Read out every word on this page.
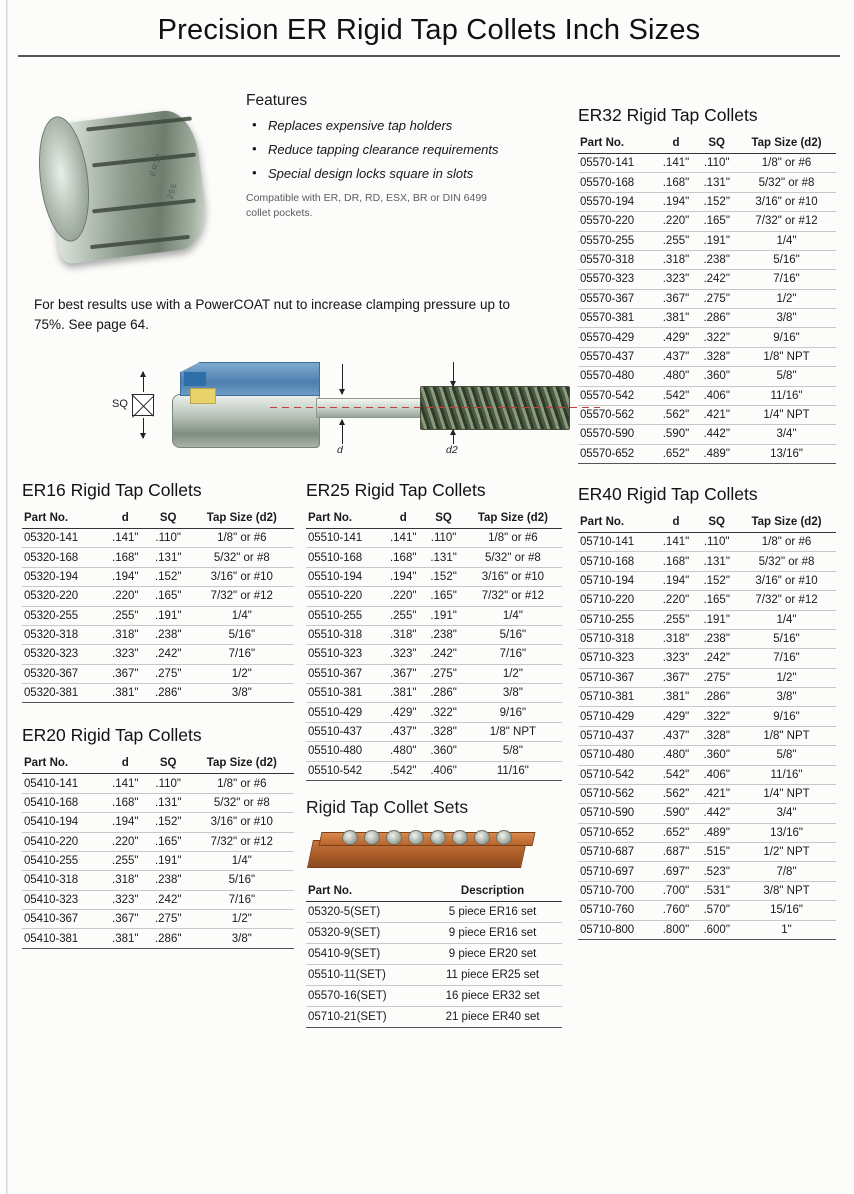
Precision ER Rigid Tap Collets Inch Sizes
ER32
.255
Features
• Replaces expensive tap holders
• Reduce tapping clearance requirements
• Special design locks square in slots
Compatible with ER, DR, RD, ESX, BR or DIN 6499 collet pockets.
For best results use with a PowerCOAT nut to increase clamping pressure up to 75%. See page 64.
SQ
d	d2
ER16 Rigid Tap Collets
Part No.	d	SQ	Tap Size (d2)
05320-141	.141"	.110"	1/8" or #6
05320-168	.168"	.131"	5/32" or #8
05320-194	.194"	.152"	3/16" or #10
05320-220	.220"	.165"	7/32" or #12
05320-255	.255"	.191"	1/4"
05320-318	.318"	.238"	5/16"
05320-323	.323"	.242"	7/16"
05320-367	.367"	.275"	1/2"
05320-381	.381"	.286"	3/8"
ER20 Rigid Tap Collets
Part No.	d	SQ	Tap Size (d2)
05410-141	.141"	.110"	1/8" or #6
05410-168	.168"	.131"	5/32" or #8
05410-194	.194"	.152"	3/16" or #10
05410-220	.220"	.165"	7/32" or #12
05410-255	.255"	.191"	1/4"
05410-318	.318"	.238"	5/16"
05410-323	.323"	.242"	7/16"
05410-367	.367"	.275"	1/2"
05410-381	.381"	.286"	3/8"
ER25 Rigid Tap Collets
Part No.	d	SQ	Tap Size (d2)
05510-141	.141"	.110"	1/8" or #6
05510-168	.168"	.131"	5/32" or #8
05510-194	.194"	.152"	3/16" or #10
05510-220	.220"	.165"	7/32" or #12
05510-255	.255"	.191"	1/4"
05510-318	.318"	.238"	5/16"
05510-323	.323"	.242"	7/16"
05510-367	.367"	.275"	1/2"
05510-381	.381"	.286"	3/8"
05510-429	.429"	.322"	9/16"
05510-437	.437"	.328"	1/8" NPT
05510-480	.480"	.360"	5/8"
05510-542	.542"	.406"	11/16"
Rigid Tap Collet Sets
Part No.	Description
05320-5(SET)	5 piece ER16 set
05320-9(SET)	9 piece ER16 set
05410-9(SET)	9 piece ER20 set
05510-11(SET)	11 piece ER25 set
05570-16(SET)	16 piece ER32 set
05710-21(SET)	21 piece ER40 set
ER32 Rigid Tap Collets
Part No.	d	SQ	Tap Size (d2)
05570-141	.141"	.110"	1/8" or #6
05570-168	.168"	.131"	5/32" or #8
05570-194	.194"	.152"	3/16" or #10
05570-220	.220"	.165"	7/32" or #12
05570-255	.255"	.191"	1/4"
05570-318	.318"	.238"	5/16"
05570-323	.323"	.242"	7/16"
05570-367	.367"	.275"	1/2"
05570-381	.381"	.286"	3/8"
05570-429	.429"	.322"	9/16"
05570-437	.437"	.328"	1/8" NPT
05570-480	.480"	.360"	5/8"
05570-542	.542"	.406"	11/16"
05570-562	.562"	.421"	1/4" NPT
05570-590	.590"	.442"	3/4"
05570-652	.652"	.489"	13/16"
ER40 Rigid Tap Collets
Part No.	d	SQ	Tap Size (d2)
05710-141	.141"	.110"	1/8" or #6
05710-168	.168"	.131"	5/32" or #8
05710-194	.194"	.152"	3/16" or #10
05710-220	.220"	.165"	7/32" or #12
05710-255	.255"	.191"	1/4"
05710-318	.318"	.238"	5/16"
05710-323	.323"	.242"	7/16"
05710-367	.367"	.275"	1/2"
05710-381	.381"	.286"	3/8"
05710-429	.429"	.322"	9/16"
05710-437	.437"	.328"	1/8" NPT
05710-480	.480"	.360"	5/8"
05710-542	.542"	.406"	11/16"
05710-562	.562"	.421"	1/4" NPT
05710-590	.590"	.442"	3/4"
05710-652	.652"	.489"	13/16"
05710-687	.687"	.515"	1/2" NPT
05710-697	.697"	.523"	7/8"
05710-700	.700"	.531"	3/8" NPT
05710-760	.760"	.570"	15/16"
05710-800	.800"	.600"	1"
